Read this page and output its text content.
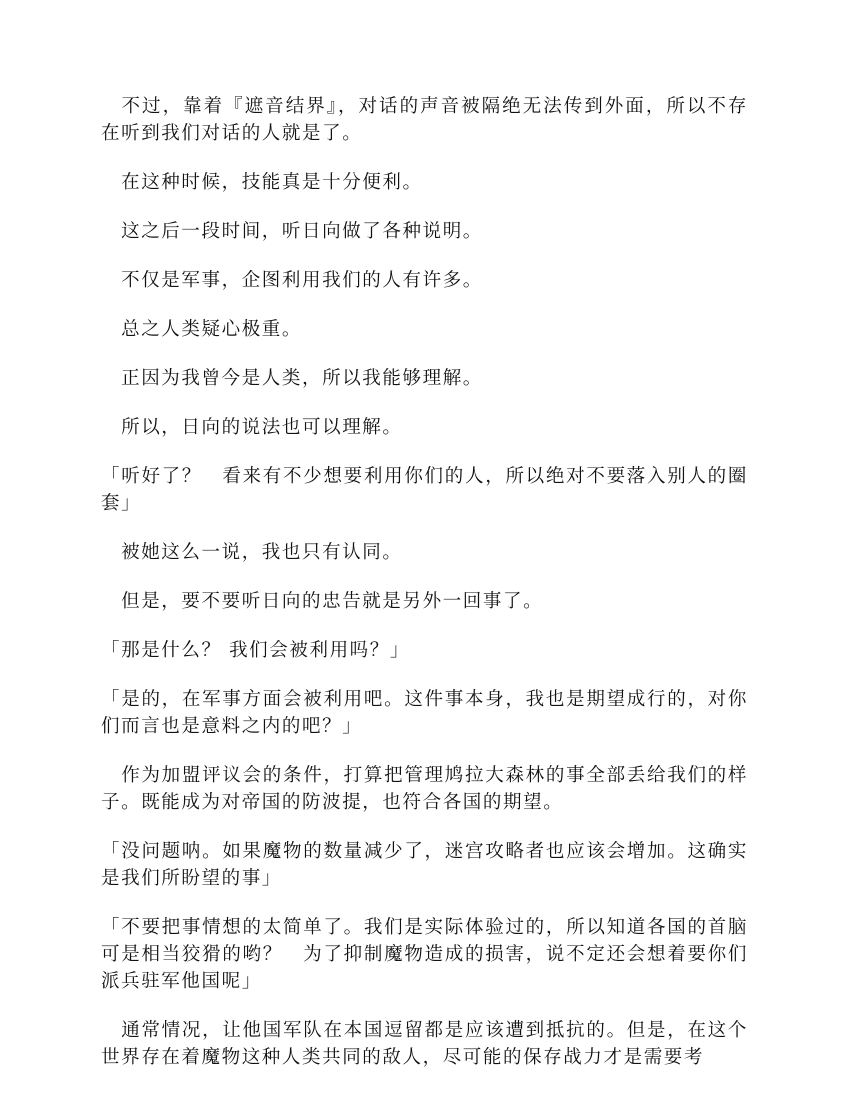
　不过，靠着『遮音结界』，对话的声音被隔绝无法传到外面，所以不存在听到我们对话的人就是了。

　在这种时候，技能真是十分便利。

　这之后一段时间，听日向做了各种说明。

　不仅是军事，企图利用我们的人有许多。

　总之人类疑心极重。

　正因为我曾今是人类，所以我能够理解。

　所以，日向的说法也可以理解。

「听好了？　看来有不少想要利用你们的人，所以绝对不要落入别人的圈套」

　被她这么一说，我也只有认同。

　但是，要不要听日向的忠告就是另外一回事了。

「那是什么？ 我们会被利用吗？」

「是的，在军事方面会被利用吧。这件事本身，我也是期望成行的，对你们而言也是意料之内的吧？」

　作为加盟评议会的条件，打算把管理鸠拉大森林的事全部丢给我们的样子。既能成为对帝国的防波提，也符合各国的期望。

「没问题呐。如果魔物的数量减少了，迷宫攻略者也应该会增加。这确实是我们所盼望的事」

「不要把事情想的太简单了。我们是实际体验过的，所以知道各国的首脑可是相当狡猾的哟？　为了抑制魔物造成的损害，说不定还会想着要你们派兵驻军他国呢」

　通常情况，让他国军队在本国逗留都是应该遭到抵抗的。但是，在这个世界存在着魔物这种人类共同的敌人，尽可能的保存战力才是需要考
